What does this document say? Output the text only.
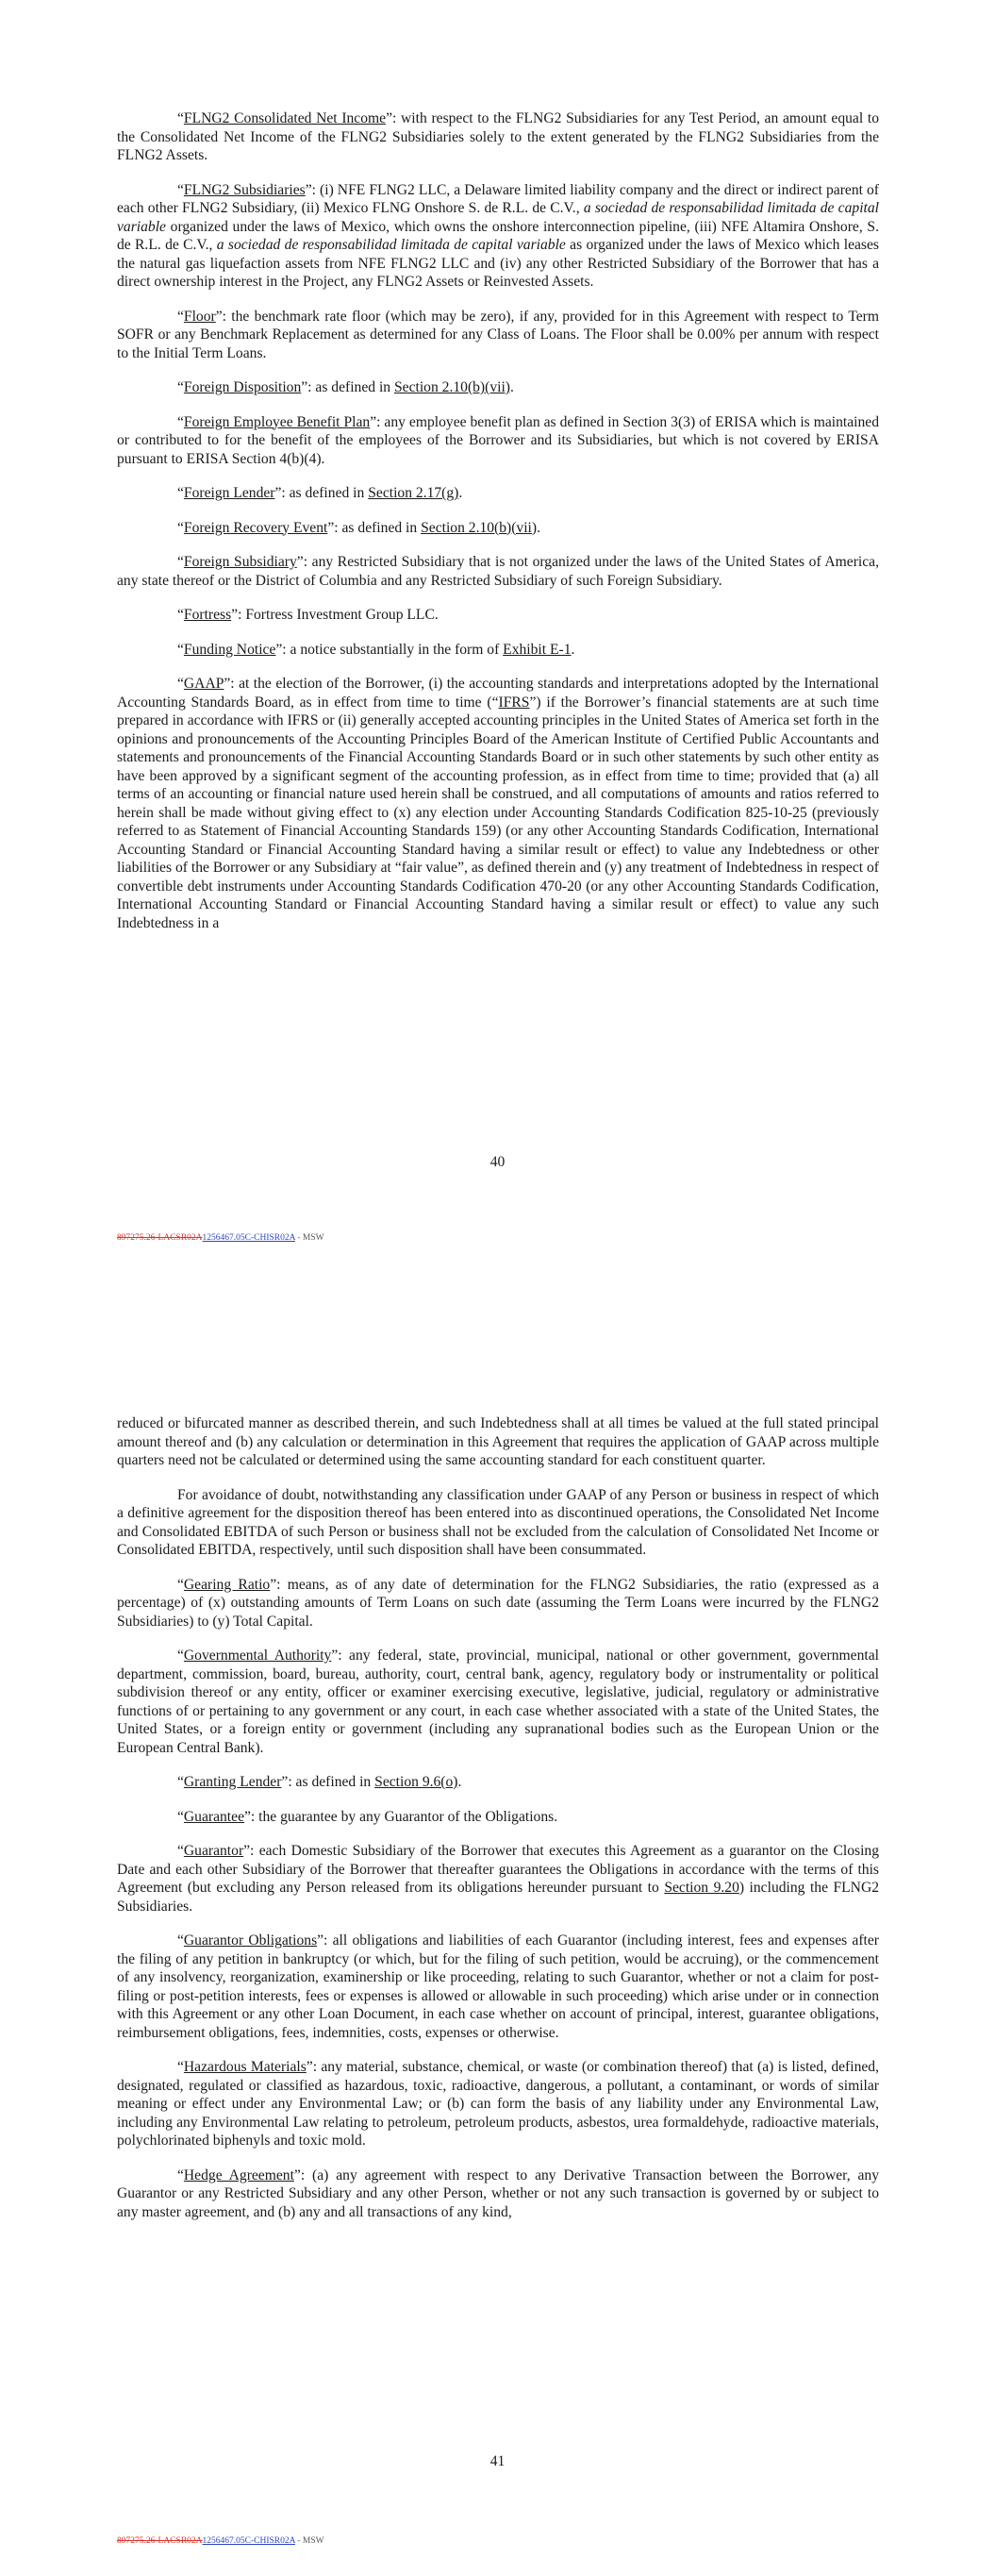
“FLNG2 Consolidated Net Income”: with respect to the FLNG2 Subsidiaries for any Test Period, an amount equal to the Consolidated Net Income of the FLNG2 Subsidiaries solely to the extent generated by the FLNG2 Subsidiaries from the FLNG2 Assets.

“FLNG2 Subsidiaries”: (i) NFE FLNG2 LLC, a Delaware limited liability company and the direct or indirect parent of each other FLNG2 Subsidiary, (ii) Mexico FLNG Onshore S. de R.L. de C.V., a sociedad de responsabilidad limitada de capital variable organized under the laws of Mexico, which owns the onshore interconnection pipeline, (iii) NFE Altamira Onshore, S. de R.L. de C.V., a sociedad de responsabilidad limitada de capital variable as organized under the laws of Mexico which leases the natural gas liquefaction assets from NFE FLNG2 LLC and (iv) any other Restricted Subsidiary of the Borrower that has a direct ownership interest in the Project, any FLNG2 Assets or Reinvested Assets.

“Floor”: the benchmark rate floor (which may be zero), if any, provided for in this Agreement with respect to Term SOFR or any Benchmark Replacement as determined for any Class of Loans. The Floor shall be 0.00% per annum with respect to the Initial Term Loans.

“Foreign Disposition”: as defined in Section 2.10(b)(vii).

“Foreign Employee Benefit Plan”: any employee benefit plan as defined in Section 3(3) of ERISA which is maintained or contributed to for the benefit of the employees of the Borrower and its Subsidiaries, but which is not covered by ERISA pursuant to ERISA Section 4(b)(4).

“Foreign Lender”: as defined in Section 2.17(g).

“Foreign Recovery Event”: as defined in Section 2.10(b)(vii).

“Foreign Subsidiary”: any Restricted Subsidiary that is not organized under the laws of the United States of America, any state thereof or the District of Columbia and any Restricted Subsidiary of such Foreign Subsidiary.

“Fortress”: Fortress Investment Group LLC.

“Funding Notice”: a notice substantially in the form of Exhibit E-1.

“GAAP”: at the election of the Borrower, (i) the accounting standards and interpretations adopted by the International Accounting Standards Board, as in effect from time to time (“IFRS”) if the Borrower’s financial statements are at such time prepared in accordance with IFRS or (ii) generally accepted accounting principles in the United States of America set forth in the opinions and pronouncements of the Accounting Principles Board of the American Institute of Certified Public Accountants and statements and pronouncements of the Financial Accounting Standards Board or in such other statements by such other entity as have been approved by a significant segment of the accounting profession, as in effect from time to time; provided that (a) all terms of an accounting or financial nature used herein shall be construed, and all computations of amounts and ratios referred to herein shall be made without giving effect to (x) any election under Accounting Standards Codification 825-10-25 (previously referred to as Statement of Financial Accounting Standards 159) (or any other Accounting Standards Codification, International Accounting Standard or Financial Accounting Standard having a similar result or effect) to value any Indebtedness or other liabilities of the Borrower or any Subsidiary at “fair value”, as defined therein and (y) any treatment of Indebtedness in respect of convertible debt instruments under Accounting Standards Codification 470-20 (or any other Accounting Standards Codification, International Accounting Standard or Financial Accounting Standard having a similar result or effect) to value any such Indebtedness in a

40
897275.26-LACSR02A1256467.05C-CHISR02A - MSW

reduced or bifurcated manner as described therein, and such Indebtedness shall at all times be valued at the full stated principal amount thereof and (b) any calculation or determination in this Agreement that requires the application of GAAP across multiple quarters need not be calculated or determined using the same accounting standard for each constituent quarter.

For avoidance of doubt, notwithstanding any classification under GAAP of any Person or business in respect of which a definitive agreement for the disposition thereof has been entered into as discontinued operations, the Consolidated Net Income and Consolidated EBITDA of such Person or business shall not be excluded from the calculation of Consolidated Net Income or Consolidated EBITDA, respectively, until such disposition shall have been consummated.

“Gearing Ratio”: means, as of any date of determination for the FLNG2 Subsidiaries, the ratio (expressed as a percentage) of (x) outstanding amounts of Term Loans on such date (assuming the Term Loans were incurred by the FLNG2 Subsidiaries) to (y) Total Capital.

“Governmental Authority”: any federal, state, provincial, municipal, national or other government, governmental department, commission, board, bureau, authority, court, central bank, agency, regulatory body or instrumentality or political subdivision thereof or any entity, officer or examiner exercising executive, legislative, judicial, regulatory or administrative functions of or pertaining to any government or any court, in each case whether associated with a state of the United States, the United States, or a foreign entity or government (including any supranational bodies such as the European Union or the European Central Bank).

“Granting Lender”: as defined in Section 9.6(o).

“Guarantee”: the guarantee by any Guarantor of the Obligations.

“Guarantor”: each Domestic Subsidiary of the Borrower that executes this Agreement as a guarantor on the Closing Date and each other Subsidiary of the Borrower that thereafter guarantees the Obligations in accordance with the terms of this Agreement (but excluding any Person released from its obligations hereunder pursuant to Section 9.20) including the FLNG2 Subsidiaries.

“Guarantor Obligations”: all obligations and liabilities of each Guarantor (including interest, fees and expenses after the filing of any petition in bankruptcy (or which, but for the filing of such petition, would be accruing), or the commencement of any insolvency, reorganization, examinership or like proceeding, relating to such Guarantor, whether or not a claim for post-filing or post-petition interests, fees or expenses is allowed or allowable in such proceeding) which arise under or in connection with this Agreement or any other Loan Document, in each case whether on account of principal, interest, guarantee obligations, reimbursement obligations, fees, indemnities, costs, expenses or otherwise.

“Hazardous Materials”: any material, substance, chemical, or waste (or combination thereof) that (a) is listed, defined, designated, regulated or classified as hazardous, toxic, radioactive, dangerous, a pollutant, a contaminant, or words of similar meaning or effect under any Environmental Law; or (b) can form the basis of any liability under any Environmental Law, including any Environmental Law relating to petroleum, petroleum products, asbestos, urea formaldehyde, radioactive materials, polychlorinated biphenyls and toxic mold.

“Hedge Agreement”: (a) any agreement with respect to any Derivative Transaction between the Borrower, any Guarantor or any Restricted Subsidiary and any other Person, whether or not any such transaction is governed by or subject to any master agreement, and (b) any and all transactions of any kind,

41
897275.26-LACSR02A1256467.05C-CHISR02A - MSW
